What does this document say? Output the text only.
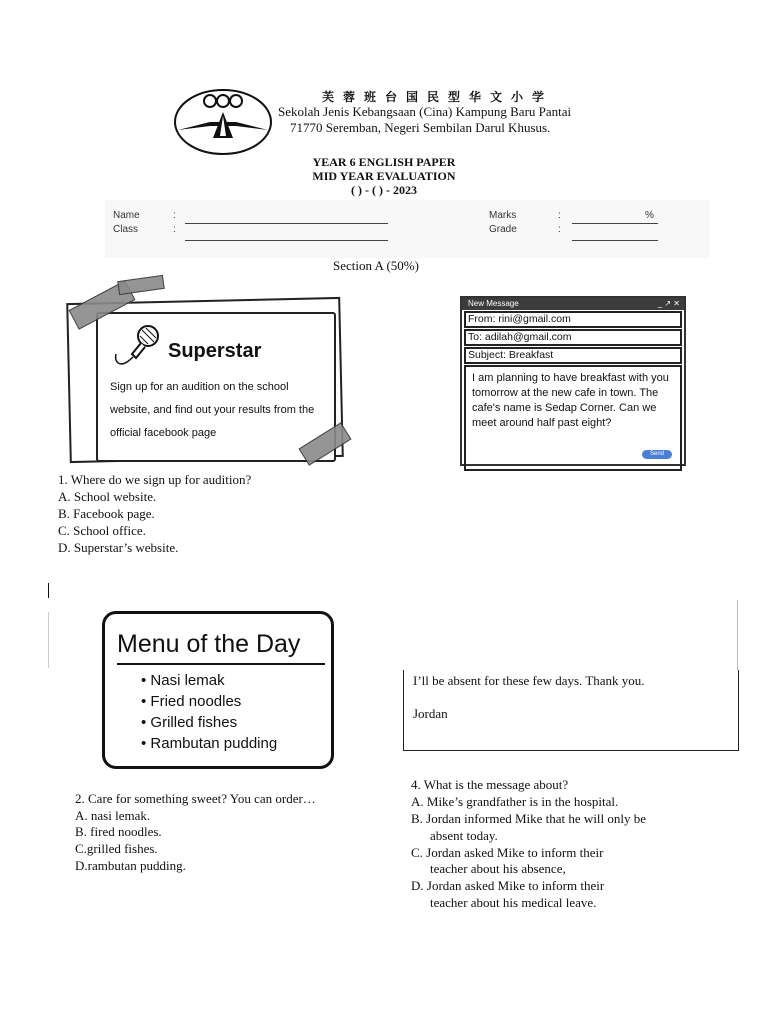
芙蓉班台国民型华文小学
Sekolah Jenis Kebangsaan (Cina) Kampung Baru Pantai
71770 Seremban, Negeri Sembilan Darul Khusus.
YEAR 6 ENGLISH PAPER
MID YEAR EVALUATION
( ) - ( ) - 2023
Name	:
Class	:
Marks	:	%
Grade	:
Section A (50%)
Superstar
Sign up for an audition on the school website, and find out your results from the official facebook page
New Message	_ ↗ ✕
From: rini@gmail.com
To: adilah@gmail.com
Subject: Breakfast
I am planning to have breakfast with you tomorrow at the new cafe in town. The cafe's name is Sedap Corner. Can we meet around half past eight?
Send
1. Where do we sign up for audition?
A. School website.
B. Facebook page.
C. School office.
D. Superstar’s website.
Menu of the Day
• Nasi lemak
• Fried noodles
• Grilled fishes
• Rambutan pudding
I’ll be absent for these few days. Thank you.
Jordan
2. Care for something sweet? You can order…
A. nasi lemak.
B. fired noodles.
C.grilled fishes.
D.rambutan pudding.
4. What is the message about?
A. Mike’s grandfather is in the hospital.
B. Jordan informed Mike that he will only be
absent today.
C. Jordan asked Mike to inform their
teacher about his absence,
D. Jordan asked Mike to inform their
teacher about his medical leave.
